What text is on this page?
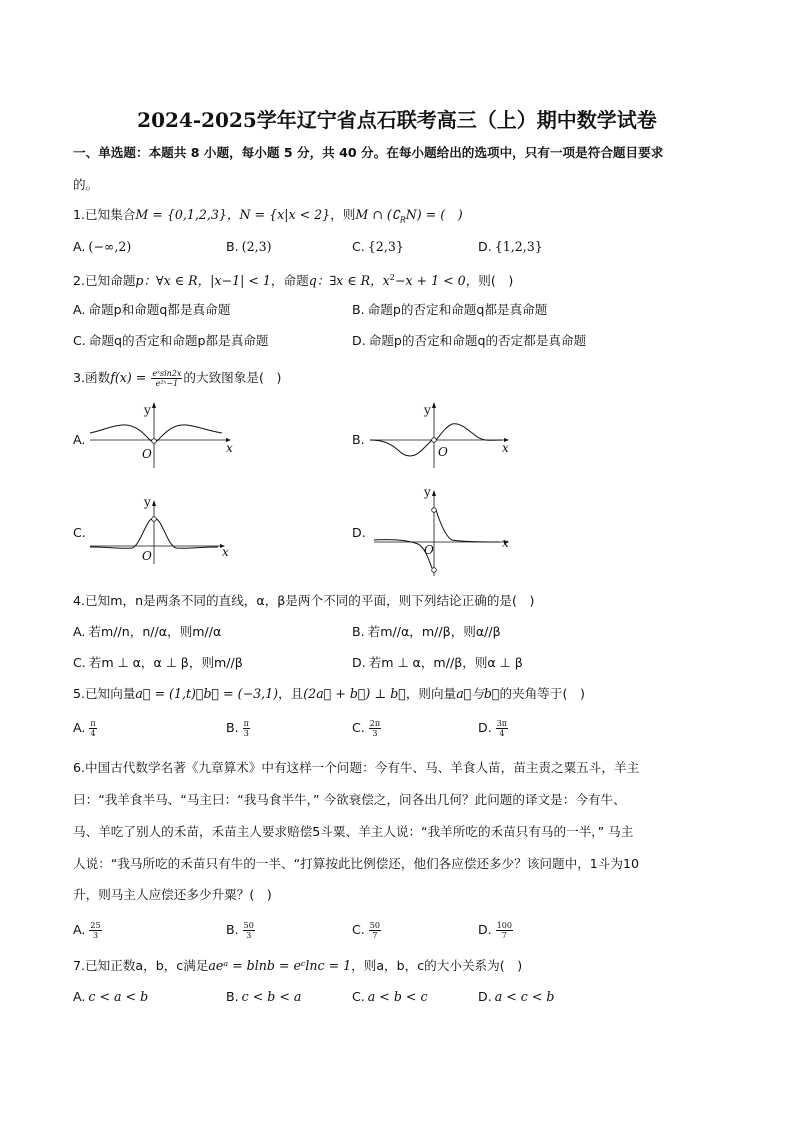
2024-2025学年辽宁省点石联考高三（上）期中数学试卷
一、单选题：本题共 8 小题，每小题 5 分，共 40 分。在每小题给出的选项中，只有一项是符合题目要求
的。
1.已知集合M = {0,1,2,3}，N = {x|x < 2}，则M ∩ $(∁_RN)$ = (　)
A. (−∞,2)	B. (2,3)	C. {2,3}	D. {1,2,3}
2.已知命题p：∀x ∈ R，|x−1| < 1，命题q：∃x ∈ R，$x^2-x + 1 < 0$，则(　)
A. 命题p和命题q都是真命题	B. 命题p的否定和命题q都是真命题
C. 命题q的否定和命题p都是真命题	D. 命题p的否定和命题q的否定都是真命题
3.函数$f(x) = \frac{\text{eˣsin2x}}{\text{e²ˣ−1}}$ 的大致图象是(　)
A.
y
x
O
B.
y
x
O
C.
y
x
O
D.
y
x
O
4.已知m，n是两条不同的直线，α，β是两个不同的平面，则下列结论正确的是(　)
A. 若m//n，n//α，则m//α	B. 若m//α，m//β，则α//β
C. 若m ⊥ α，α ⊥ β，则m//β	D. 若m ⊥ α，m//β，则α ⊥ β
5.已知向量a⃗ = (1,t)，b⃗ = (−3,1)，且(2a⃗ + b⃗) ⊥ b⃗，则向量a⃗与b⃗的夹角等于(　)
A. $\frac{\pi}{4}$	B. $\frac{\pi}{3}$	C. $\frac{2\pi}{3}$	D. $\frac{3\pi}{4}$
6.中国古代数学名著《九章算术》中有这样一个问题：今有牛、马、羊食人苗，苗主责之粟五斗，羊主
曰：“我羊食半马、“马主曰：“我马食半牛，” 今欲衰偿之，问各出几何？此问题的译文是：今有牛、
马、羊吃了别人的禾苗，禾苗主人要求赔偿5斗粟、羊主人说：“我羊所吃的禾苗只有马的一半，” 马主
人说：“我马所吃的禾苗只有牛的一半、“打算按此比例偿还，他们各应偿还多少？该问题中，1斗为10
升，则马主人应偿还多少升粟？(　)
A. $\frac{25}{3}$	B. $\frac{50}{3}$	C. $\frac{50}{7}$	D. $\frac{100}{7}$
7.已知正数a，b，c满足aeᵃ = blnb = eᶜlnc = 1，则a，b，c的大小关系为(　)
A. c < a < b	B. c < b < a	C. a < b < c	D. a < c < b
